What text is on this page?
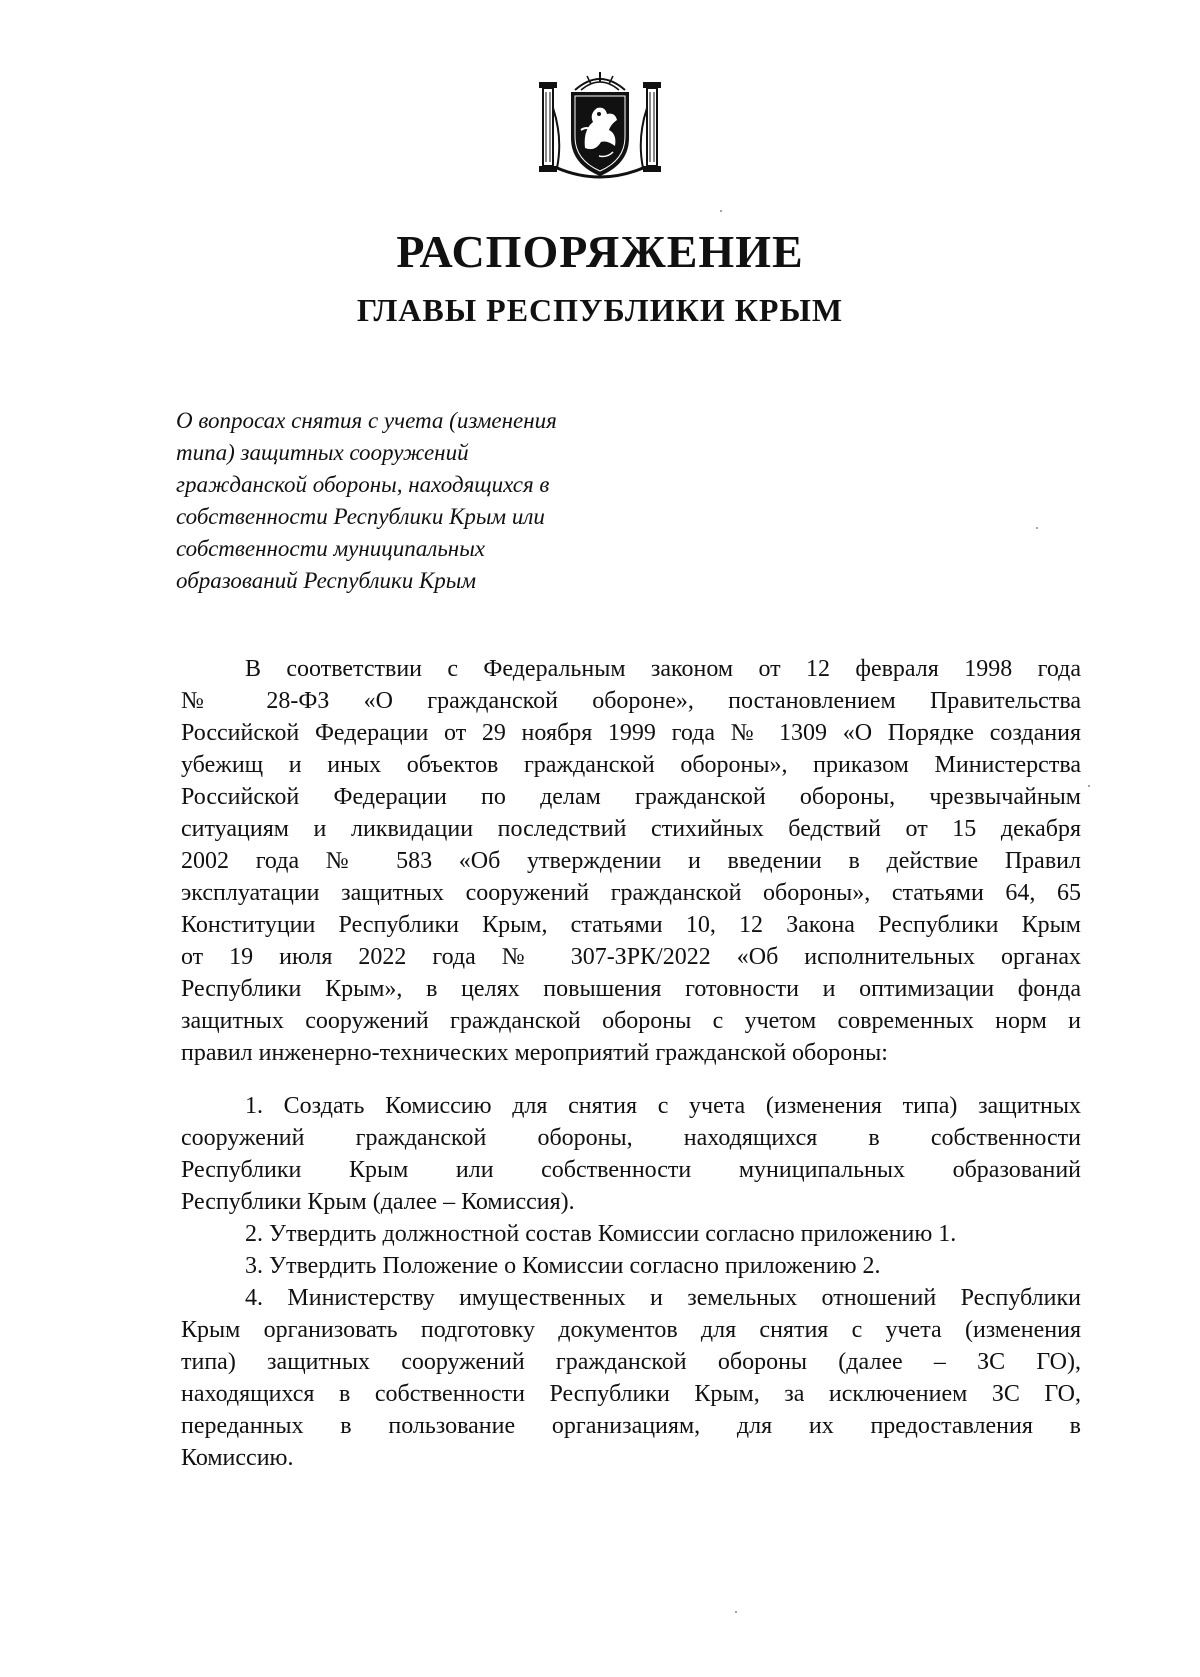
РАСПОРЯЖЕНИЕ
ГЛАВЫ РЕСПУБЛИКИ КРЫМ
О вопросах снятия с учета (изменения
типа) защитных сооружений
гражданской обороны, находящихся в
собственности Республики Крым или
собственности муниципальных
образований Республики Крым
В соответствии с Федеральным законом от 12 февраля 1998 года
№ 28-ФЗ «О гражданской обороне», постановлением Правительства
Российской Федерации от 29 ноября 1999 года № 1309 «О Порядке создания
убежищ и иных объектов гражданской обороны», приказом Министерства
Российской Федерации по делам гражданской обороны, чрезвычайным
ситуациям и ликвидации последствий стихийных бедствий от 15 декабря
2002 года № 583 «Об утверждении и введении в действие Правил
эксплуатации защитных сооружений гражданской обороны», статьями 64, 65
Конституции Республики Крым, статьями 10, 12 Закона Республики Крым
от 19 июля 2022 года № 307-ЗРК/2022 «Об исполнительных органах
Республики Крым», в целях повышения готовности и оптимизации фонда
защитных сооружений гражданской обороны с учетом современных норм и
правил инженерно-технических мероприятий гражданской обороны:
1. Создать Комиссию для снятия с учета (изменения типа) защитных
сооружений гражданской обороны, находящихся в собственности
Республики Крым или собственности муниципальных образований
Республики Крым (далее – Комиссия).
2. Утвердить должностной состав Комиссии согласно приложению 1.
3. Утвердить Положение о Комиссии согласно приложению 2.
4. Министерству имущественных и земельных отношений Республики
Крым организовать подготовку документов для снятия с учета (изменения
типа) защитных сооружений гражданской обороны (далее – ЗС ГО),
находящихся в собственности Республики Крым, за исключением ЗС ГО,
переданных в пользование организациям, для их предоставления в
Комиссию.
